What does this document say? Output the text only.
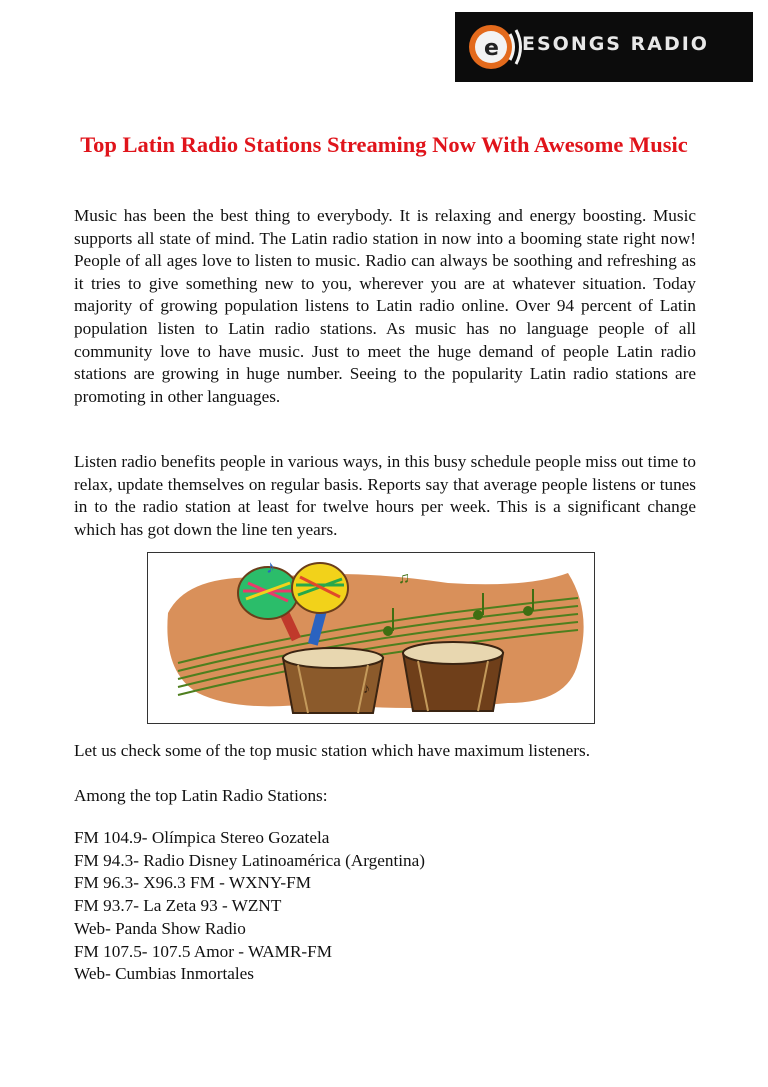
e ESONGS RADIO
Top Latin Radio Stations Streaming Now With Awesome Music

Music has been the best thing to everybody. It is relaxing and energy boosting. Music supports all state of mind. The Latin radio station in now into a booming state right now! People of all ages love to listen to music. Radio can always be soothing and refreshing as it tries to give something new to you, wherever you are at whatever situation. Today majority of growing population listens to Latin radio online. Over 94 percent of Latin population listen to Latin radio stations. As music has no language people of all community love to have music. Just to meet the huge demand of people Latin radio stations are growing in huge number. Seeing to the popularity Latin radio stations are promoting in other languages.

Listen radio benefits people in various ways, in this busy schedule people miss out time to relax, update themselves on regular basis. Reports say that average people listens or tunes in to the radio station at least for twelve hours per week. This is a significant change which has got down the line ten years.

♪
♫
♪

Let us check some of the top music station which have maximum listeners.

Among the top Latin Radio Stations:

FM 104.9- Olímpica Stereo Gozatela
FM 94.3- Radio Disney Latinoamérica (Argentina)
FM 96.3- X96.3 FM - WXNY-FM
FM 93.7- La Zeta 93 - WZNT
Web- Panda Show Radio
FM 107.5- 107.5 Amor - WAMR-FM
Web- Cumbias Inmortales
